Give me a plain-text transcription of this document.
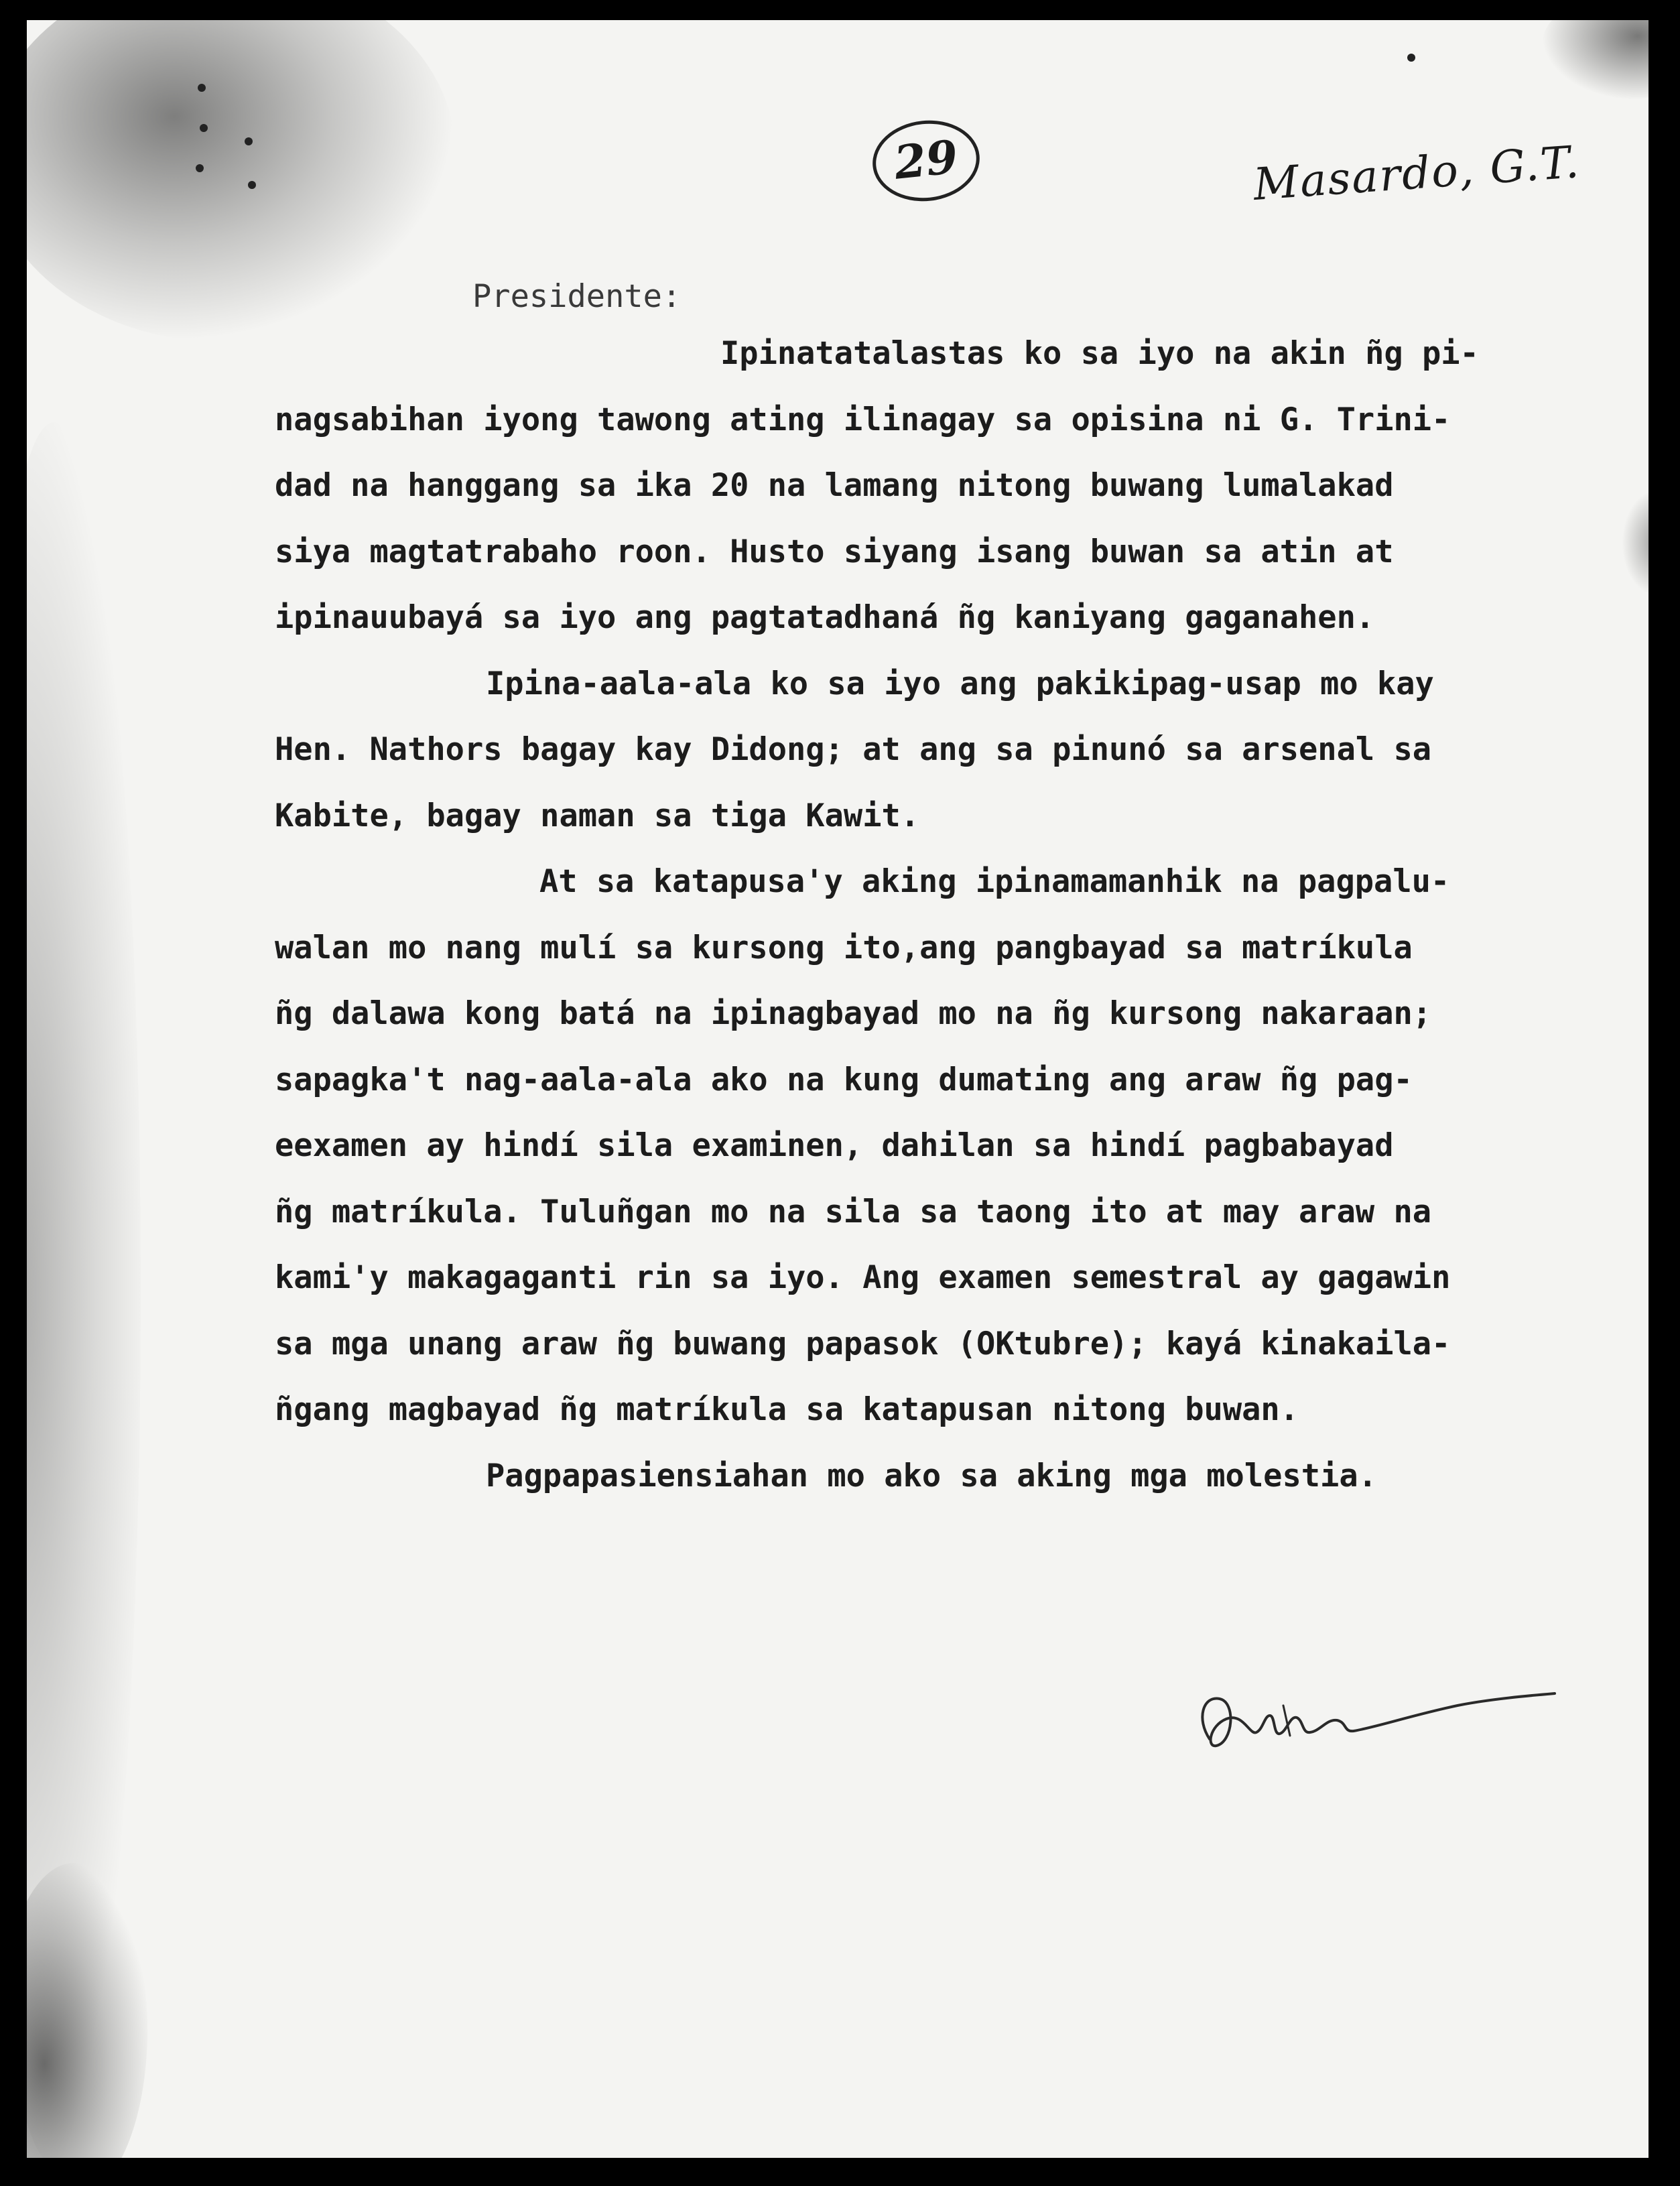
29	Masardo, G.T.
Presidente:
Ipinatatalastas ko sa iyo na akin ñg pi-
nagsabihan iyong tawong ating ilinagay sa opisina ni G. Trini-
dad na hanggang sa ika 20 na lamang nitong buwang lumalakad
siya magtatrabaho roon. Husto siyang isang buwan sa atin at
ipinauubayá sa iyo ang pagtatadhaná ñg kaniyang gaganahen.
Ipina-aala-ala ko sa iyo ang pakikipag-usap mo kay
Hen. Nathors bagay kay Didong; at ang sa pinunó sa arsenal sa
Kabite, bagay naman sa tiga Kawit.
At sa katapusa'y aking ipinamamanhik na pagpalu-
walan mo nang mulí sa kursong ito,ang pangbayad sa matríkula
ñg dalawa kong batá na ipinagbayad mo na ñg kursong nakaraan;
sapagka't nag-aala-ala ako na kung dumating ang araw ñg pag-
eexamen ay hindí sila examinen, dahilan sa hindí pagbabayad
ñg matríkula. Tuluñgan mo na sila sa taong ito at may araw na
kami'y makagaganti rin sa iyo. Ang examen semestral ay gagawin
sa mga unang araw ñg buwang papasok (OKtubre); kayá kinakaila-
ñgang magbayad ñg matríkula sa katapusan nitong buwan.
Pagpapasiensiahan mo ako sa aking mga molestia.
